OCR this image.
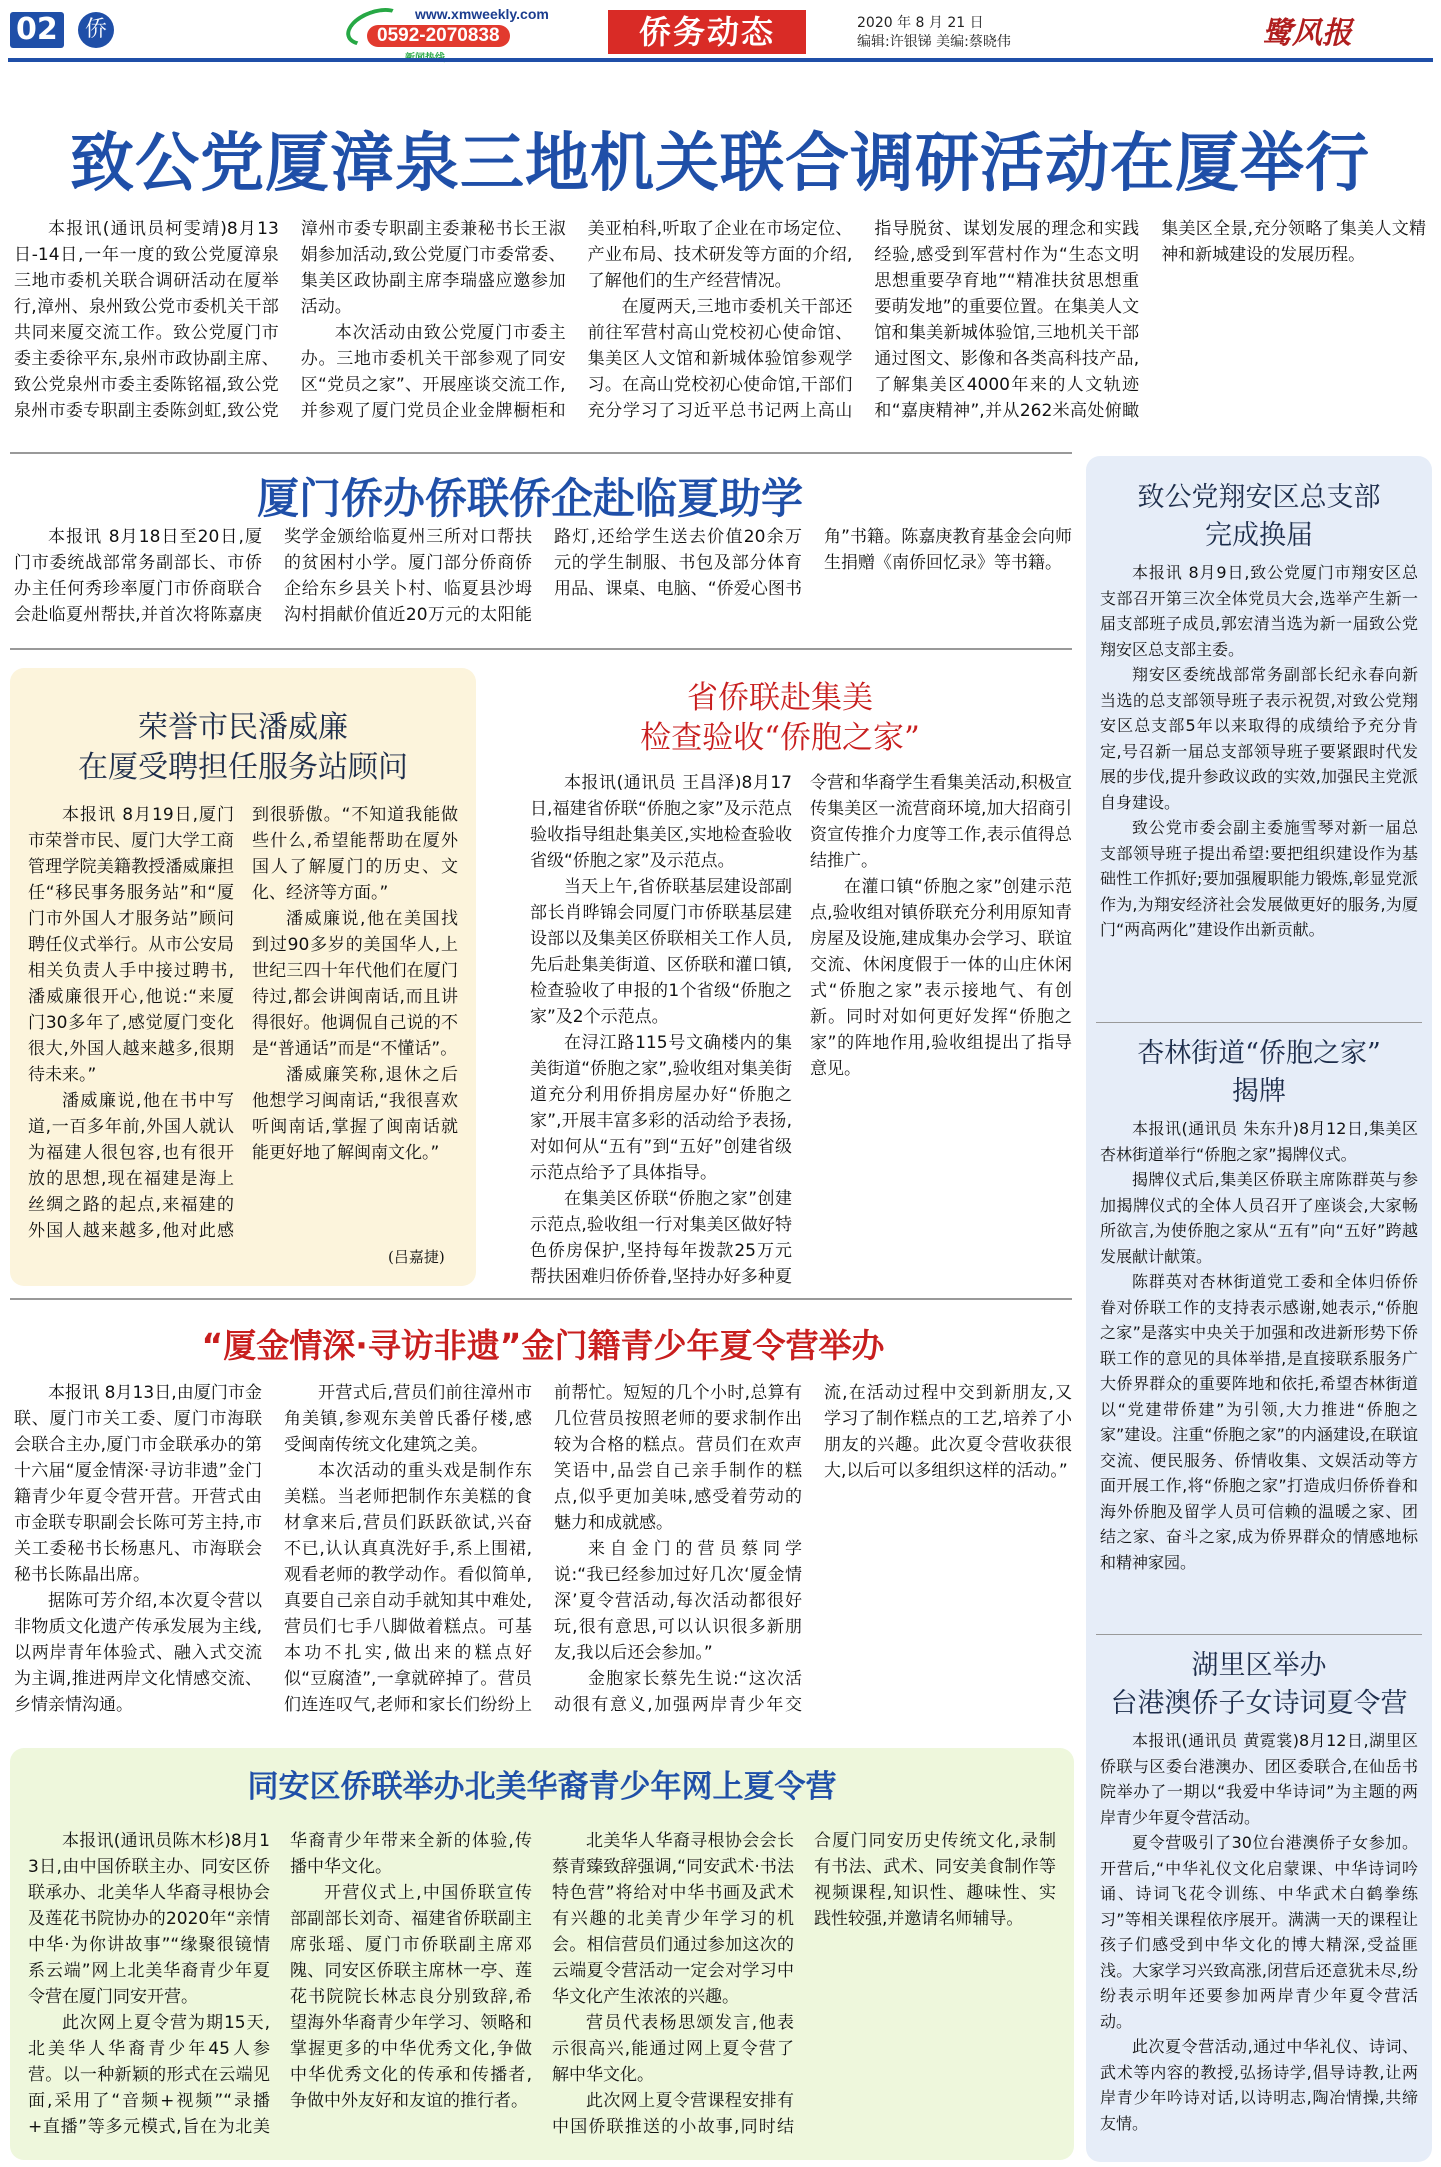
02	侨
www.xmweekly.com
0592-2070838	侨务动态	2020 年 8 月 21 日
编辑:许银锑 美编:蔡晓伟	鹭风报
致公党厦漳泉三地机关联合调研活动在厦举行

本报讯(通讯员柯雯靖)8月13日-14日,一年一度的致公党厦漳泉三地市委机关联合调研活动在厦举行,漳州、泉州致公党市委机关干部共同来厦交流工作。致公党厦门市委主委徐平东,泉州市政协副主席、致公党泉州市委主委陈铭福,致公党泉州市委专职副主委陈剑虹,致公党漳州市委专职副主委兼秘书长王淑娟参加活动,致公党厦门市委常委、集美区政协副主席李瑞盛应邀参加活动。

本次活动由致公党厦门市委主办。三地市委机关干部参观了同安区“党员之家”、开展座谈交流工作,并参观了厦门党员企业金牌橱柜和美亚柏科,听取了企业在市场定位、产业布局、技术研发等方面的介绍,了解他们的生产经营情况。

在厦两天,三地市委机关干部还前往军营村高山党校初心使命馆、集美区人文馆和新城体验馆参观学习。在高山党校初心使命馆,干部们充分学习了习近平总书记两上高山指导脱贫、谋划发展的理念和实践经验,感受到军营村作为“生态文明思想重要孕育地”“精准扶贫思想重要萌发地”的重要位置。在集美人文馆和集美新城体验馆,三地机关干部通过图文、影像和各类高科技产品,了解集美区4000年来的人文轨迹和“嘉庚精神”,并从262米高处俯瞰集美区全景,充分领略了集美人文精神和新城建设的发展历程。

厦门侨办侨联侨企赴临夏助学

本报讯 8月18日至20日,厦门市委统战部常务副部长、市侨办主任何秀珍率厦门市侨商联合会赴临夏州帮扶,并首次将陈嘉庚奖学金颁给临夏州三所对口帮扶的贫困村小学。厦门部分侨商侨企给东乡县关卜村、临夏县沙坶沟村捐献价值近20万元的太阳能路灯,还给学生送去价值20余万元的学生制服、书包及部分体育用品、课桌、电脑、“侨爱心图书角”书籍。陈嘉庚教育基金会向师生捐赠《南侨回忆录》等书籍。

荣誉市民潘威廉
在厦受聘担任服务站顾问

本报讯 8月19日,厦门市荣誉市民、厦门大学工商管理学院美籍教授潘威廉担任“移民事务服务站”和“厦门市外国人才服务站”顾问聘任仪式举行。从市公安局相关负责人手中接过聘书,潘威廉很开心,他说:“来厦门30多年了,感觉厦门变化很大,外国人越来越多,很期待未来。”

潘威廉说,他在书中写道,一百多年前,外国人就认为福建人很包容,也有很开放的思想,现在福建是海上丝绸之路的起点,来福建的外国人越来越多,他对此感到很骄傲。“不知道我能做些什么,希望能帮助在厦外国人了解厦门的历史、文化、经济等方面。”

潘威廉说,他在美国找到过90多岁的美国华人,上世纪三四十年代他们在厦门待过,都会讲闽南话,而且讲得很好。他调侃自己说的不是“普通话”而是“不懂话”。

潘威廉笑称,退休之后他想学习闽南话,“我很喜欢听闽南话,掌握了闽南话就能更好地了解闽南文化。”

(吕嘉捷)
省侨联赴集美
检查验收“侨胞之家”

本报讯(通讯员 王昌泽)8月17日,福建省侨联“侨胞之家”及示范点验收指导组赴集美区,实地检查验收省级“侨胞之家”及示范点。

当天上午,省侨联基层建设部副部长肖晔锦会同厦门市侨联基层建设部以及集美区侨联相关工作人员,先后赴集美街道、区侨联和灌口镇,检查验收了申报的1个省级“侨胞之家”及2个示范点。

在浔江路115号文确楼内的集美街道“侨胞之家”,验收组对集美街道充分利用侨捐房屋办好“侨胞之家”,开展丰富多彩的活动给予表扬,对如何从“五有”到“五好”创建省级示范点给予了具体指导。

在集美区侨联“侨胞之家”创建示范点,验收组一行对集美区做好特色侨房保护,坚持每年拨款25万元帮扶困难归侨侨眷,坚持办好多种夏令营和华裔学生看集美活动,积极宣传集美区一流营商环境,加大招商引资宣传推介力度等工作,表示值得总结推广。

在灌口镇“侨胞之家”创建示范点,验收组对镇侨联充分利用原知青房屋及设施,建成集办会学习、联谊交流、休闲度假于一体的山庄休闲式“侨胞之家”表示接地气、有创新。同时对如何更好发挥“侨胞之家”的阵地作用,验收组提出了指导意见。

“厦金情深·寻访非遗”金门籍青少年夏令营举办

本报讯 8月13日,由厦门市金联、厦门市关工委、厦门市海联会联合主办,厦门市金联承办的第十六届“厦金情深·寻访非遗”金门籍青少年夏令营开营。开营式由市金联专职副会长陈可芳主持,市关工委秘书长杨惠凡、市海联会秘书长陈晶出席。

据陈可芳介绍,本次夏令营以非物质文化遗产传承发展为主线,以两岸青年体验式、融入式交流为主调,推进两岸文化情感交流、乡情亲情沟通。

开营式后,营员们前往漳州市角美镇,参观东美曾氏番仔楼,感受闽南传统文化建筑之美。

本次活动的重头戏是制作东美糕。当老师把制作东美糕的食材拿来后,营员们跃跃欲试,兴奋不已,认认真真洗好手,系上围裙,观看老师的教学动作。看似简单,真要自己亲自动手就知其中难处,营员们七手八脚做着糕点。可基本功不扎实,做出来的糕点好似“豆腐渣”,一拿就碎掉了。营员们连连叹气,老师和家长们纷纷上前帮忙。短短的几个小时,总算有几位营员按照老师的要求制作出较为合格的糕点。营员们在欢声笑语中,品尝自己亲手制作的糕点,似乎更加美味,感受着劳动的魅力和成就感。

来自金门的营员蔡同学说:“我已经参加过好几次‘厦金情深’夏令营活动,每次活动都很好玩,很有意思,可以认识很多新朋友,我以后还会参加。”

金胞家长蔡先生说:“这次活动很有意义,加强两岸青少年交流,在活动过程中交到新朋友,又学习了制作糕点的工艺,培养了小朋友的兴趣。此次夏令营收获很大,以后可以多组织这样的活动。”

同安区侨联举办北美华裔青少年网上夏令营

本报讯(通讯员陈木杉)8月13日,由中国侨联主办、同安区侨联承办、北美华人华裔寻根协会及莲花书院协办的2020年“亲情中华·为你讲故事”“缘聚很镜情系云端”网上北美华裔青少年夏令营在厦门同安开营。

此次网上夏令营为期15天,北美华人华裔青少年45人参营。以一种新颖的形式在云端见面,采用了“音频+视频”“录播+直播”等多元模式,旨在为北美华裔青少年带来全新的体验,传播中华文化。

开营仪式上,中国侨联宣传部副部长刘奇、福建省侨联副主席张瑶、厦门市侨联副主席邓隗、同安区侨联主席林一亭、莲花书院院长林志良分别致辞,希望海外华裔青少年学习、领略和掌握更多的中华优秀文化,争做中华优秀文化的传承和传播者,争做中外友好和友谊的推行者。

北美华人华裔寻根协会会长蔡青臻致辞强调,“同安武术·书法特色营”将给对中华书画及武术有兴趣的北美青少年学习的机会。相信营员们通过参加这次的云端夏令营活动一定会对学习中华文化产生浓浓的兴趣。

营员代表杨思颂发言,他表示很高兴,能通过网上夏令营了解中华文化。

此次网上夏令营课程安排有中国侨联推送的小故事,同时结合厦门同安历史传统文化,录制有书法、武术、同安美食制作等视频课程,知识性、趣味性、实践性较强,并邀请名师辅导。

致公党翔安区总支部
完成换届

本报讯 8月9日,致公党厦门市翔安区总支部召开第三次全体党员大会,选举产生新一届支部班子成员,郭宏清当选为新一届致公党翔安区总支部主委。

翔安区委统战部常务副部长纪永春向新当选的总支部领导班子表示祝贺,对致公党翔安区总支部5年以来取得的成绩给予充分肯定,号召新一届总支部领导班子要紧跟时代发展的步伐,提升参政议政的实效,加强民主党派自身建设。

致公党市委会副主委施雪琴对新一届总支部领导班子提出希望:要把组织建设作为基础性工作抓好;要加强履职能力锻炼,彰显党派作为,为翔安经济社会发展做更好的服务,为厦门“两高两化”建设作出新贡献。

杏林街道“侨胞之家”
揭牌

本报讯(通讯员 朱东升)8月12日,集美区杏林街道举行“侨胞之家”揭牌仪式。

揭牌仪式后,集美区侨联主席陈群英与参加揭牌仪式的全体人员召开了座谈会,大家畅所欲言,为使侨胞之家从“五有”向“五好”跨越发展献计献策。

陈群英对杏林街道党工委和全体归侨侨眷对侨联工作的支持表示感谢,她表示,“侨胞之家”是落实中央关于加强和改进新形势下侨联工作的意见的具体举措,是直接联系服务广大侨界群众的重要阵地和依托,希望杏林街道以“党建带侨建”为引领,大力推进“侨胞之家”建设。注重“侨胞之家”的内涵建设,在联谊交流、便民服务、侨情收集、文娱活动等方面开展工作,将“侨胞之家”打造成归侨侨眷和海外侨胞及留学人员可信赖的温暖之家、团结之家、奋斗之家,成为侨界群众的情感地标和精神家园。

湖里区举办
台港澳侨子女诗词夏令营

本报讯(通讯员 黄霓裳)8月12日,湖里区侨联与区委台港澳办、团区委联合,在仙岳书院举办了一期以“我爱中华诗词”为主题的两岸青少年夏令营活动。

夏令营吸引了30位台港澳侨子女参加。开营后,“中华礼仪文化启蒙课、中华诗词吟诵、诗词飞花令训练、中华武术白鹤拳练习”等相关课程依序展开。满满一天的课程让孩子们感受到中华文化的博大精深,受益匪浅。大家学习兴致高涨,闭营后还意犹未尽,纷纷表示明年还要参加两岸青少年夏令营活动。

此次夏令营活动,通过中华礼仪、诗词、武术等内容的教授,弘扬诗学,倡导诗教,让两岸青少年吟诗对话,以诗明志,陶冶情操,共缔友情。
